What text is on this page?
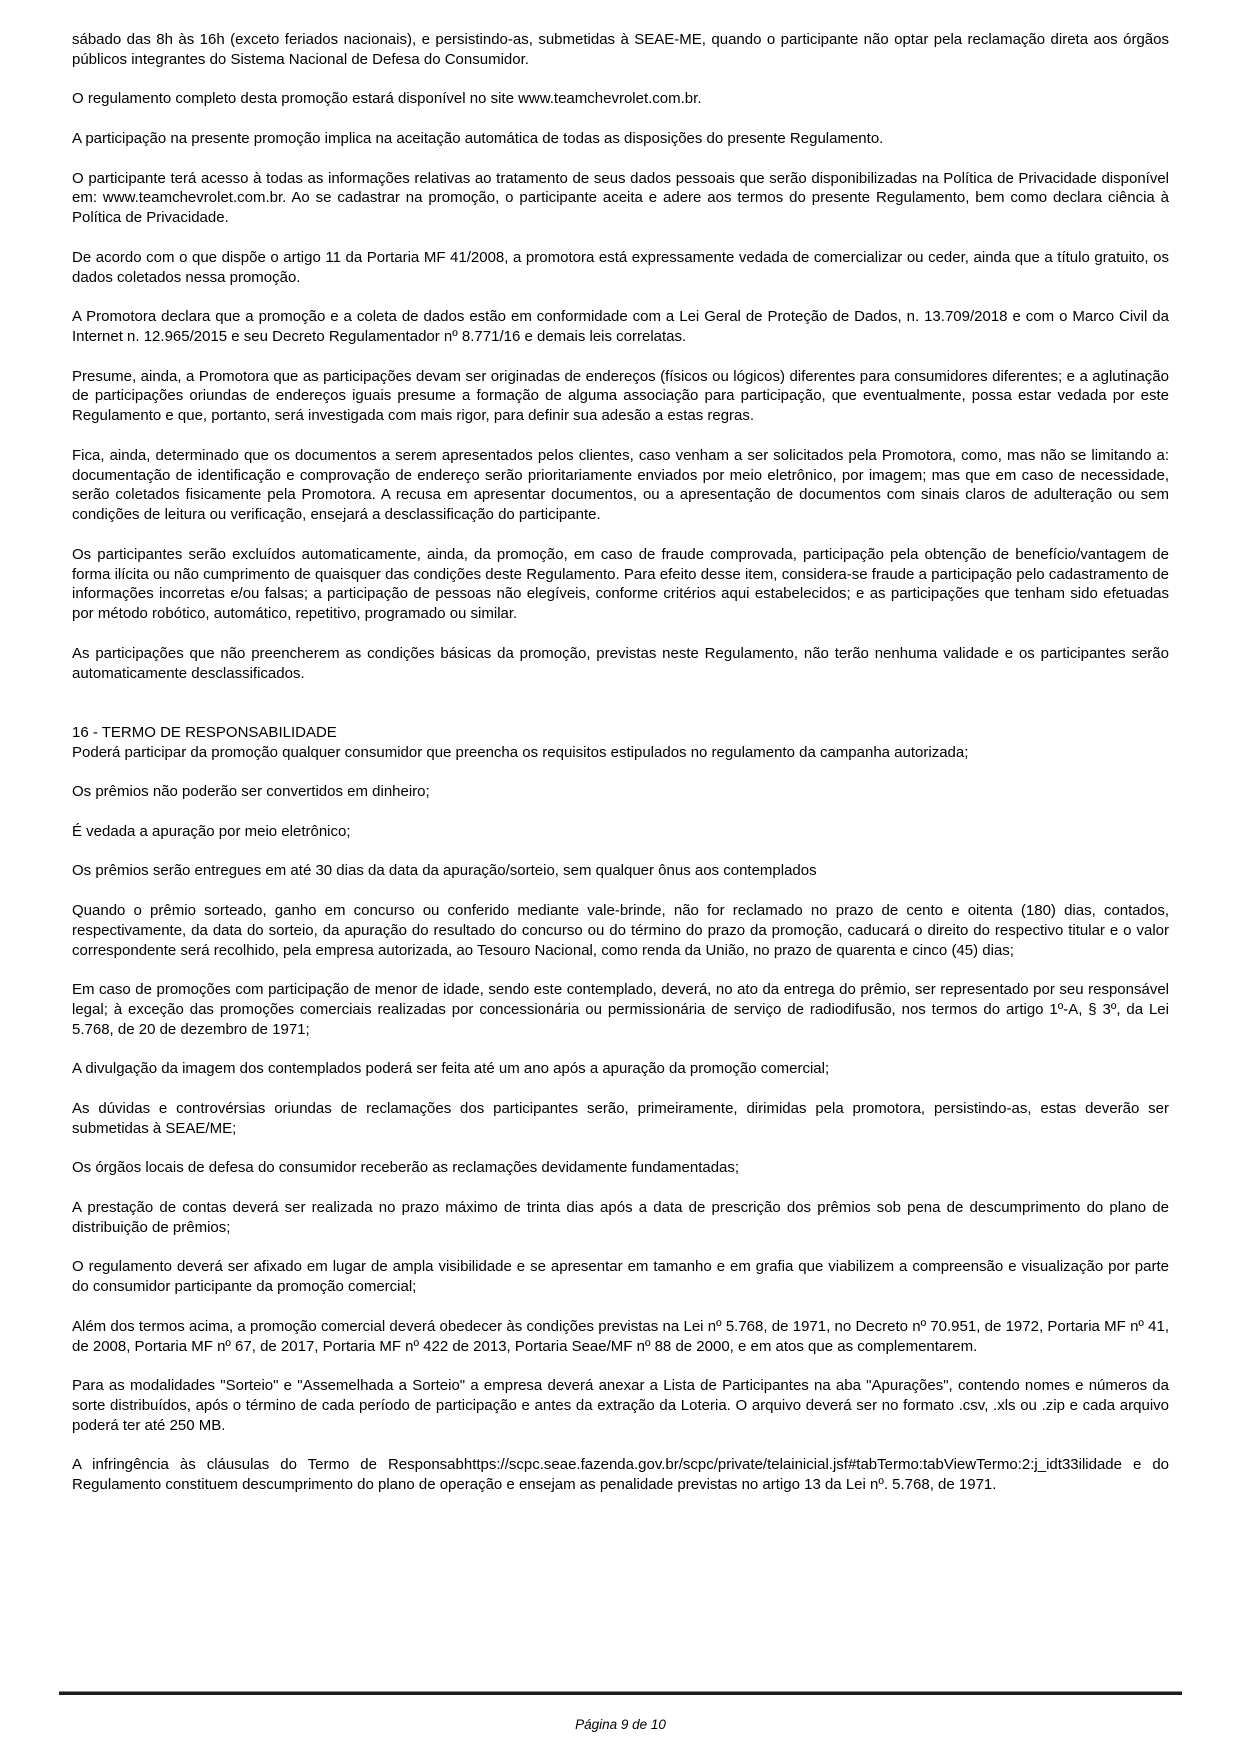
sábado das 8h às 16h (exceto feriados nacionais), e persistindo-as, submetidas à SEAE-ME, quando o participante não optar pela reclamação direta aos órgãos públicos integrantes do Sistema Nacional de Defesa do Consumidor.

O regulamento completo desta promoção estará disponível no site www.teamchevrolet.com.br.

A participação na presente promoção implica na aceitação automática de todas as disposições do presente Regulamento.

O participante terá acesso à todas as informações relativas ao tratamento de seus dados pessoais que serão disponibilizadas na Política de Privacidade disponível em: www.teamchevrolet.com.br. Ao se cadastrar na promoção, o participante aceita e adere aos termos do presente Regulamento, bem como declara ciência à Política de Privacidade.

De acordo com o que dispõe o artigo 11 da Portaria MF 41/2008, a promotora está expressamente vedada de comercializar ou ceder, ainda que a título gratuito, os dados coletados nessa promoção.

A Promotora declara que a promoção e a coleta de dados estão em conformidade com a Lei Geral de Proteção de Dados, n. 13.709/2018 e com o Marco Civil da Internet n. 12.965/2015 e seu Decreto Regulamentador nº 8.771/16 e demais leis correlatas.

Presume, ainda, a Promotora que as participações devam ser originadas de endereços (físicos ou lógicos) diferentes para consumidores diferentes; e a aglutinação de participações oriundas de endereços iguais presume a formação de alguma associação para participação, que eventualmente, possa estar vedada por este Regulamento e que, portanto, será investigada com mais rigor, para definir sua adesão a estas regras.

Fica, ainda, determinado que os documentos a serem apresentados pelos clientes, caso venham a ser solicitados pela Promotora, como, mas não se limitando a: documentação de identificação e comprovação de endereço serão prioritariamente enviados por meio eletrônico, por imagem; mas que em caso de necessidade, serão coletados fisicamente pela Promotora. A recusa em apresentar documentos, ou a apresentação de documentos com sinais claros de adulteração ou sem condições de leitura ou verificação, ensejará a desclassificação do participante.

Os participantes serão excluídos automaticamente, ainda, da promoção, em caso de fraude comprovada, participação pela obtenção de benefício/vantagem de forma ilícita ou não cumprimento de quaisquer das condições deste Regulamento. Para efeito desse item, considera-se fraude a participação pelo cadastramento de informações incorretas e/ou falsas; a participação de pessoas não elegíveis, conforme critérios aqui estabelecidos; e as participações que tenham sido efetuadas por método robótico, automático, repetitivo, programado ou similar.

As participações que não preencherem as condições básicas da promoção, previstas neste Regulamento, não terão nenhuma validade e os participantes serão automaticamente desclassificados.

16 - TERMO DE RESPONSABILIDADE

Poderá participar da promoção qualquer consumidor que preencha os requisitos estipulados no regulamento da campanha autorizada;

Os prêmios não poderão ser convertidos em dinheiro;

É vedada a apuração por meio eletrônico;

Os prêmios serão entregues em até 30 dias da data da apuração/sorteio, sem qualquer ônus aos contemplados

Quando o prêmio sorteado, ganho em concurso ou conferido mediante vale-brinde, não for reclamado no prazo de cento e oitenta (180) dias, contados, respectivamente, da data do sorteio, da apuração do resultado do concurso ou do término do prazo da promoção, caducará o direito do respectivo titular e o valor correspondente será recolhido, pela empresa autorizada, ao Tesouro Nacional, como renda da União, no prazo de quarenta e cinco (45) dias;

Em caso de promoções com participação de menor de idade, sendo este contemplado, deverá, no ato da entrega do prêmio, ser representado por seu responsável legal; à exceção das promoções comerciais realizadas por concessionária ou permissionária de serviço de radiodifusão, nos termos do artigo 1º-A, § 3º, da Lei 5.768, de 20 de dezembro de 1971;

A divulgação da imagem dos contemplados poderá ser feita até um ano após a apuração da promoção comercial;

As dúvidas e controvérsias oriundas de reclamações dos participantes serão, primeiramente, dirimidas pela promotora, persistindo-as, estas deverão ser submetidas à SEAE/ME;

Os órgãos locais de defesa do consumidor receberão as reclamações devidamente fundamentadas;

A prestação de contas deverá ser realizada no prazo máximo de trinta dias após a data de prescrição dos prêmios sob pena de descumprimento do plano de distribuição de prêmios;

O regulamento deverá ser afixado em lugar de ampla visibilidade e se apresentar em tamanho e em grafia que viabilizem a compreensão e visualização por parte do consumidor participante da promoção comercial;

Além dos termos acima, a promoção comercial deverá obedecer às condições previstas na Lei nº 5.768, de 1971, no Decreto nº 70.951, de 1972, Portaria MF nº 41, de 2008, Portaria MF nº 67, de 2017, Portaria MF nº 422 de 2013, Portaria Seae/MF nº 88 de 2000, e em atos que as complementarem.

Para as modalidades "Sorteio" e "Assemelhada a Sorteio" a empresa deverá anexar a Lista de Participantes na aba "Apurações", contendo nomes e números da sorte distribuídos, após o término de cada período de participação e antes da extração da Loteria. O arquivo deverá ser no formato .csv, .xls ou .zip e cada arquivo poderá ter até 250 MB.

A infringência às cláusulas do Termo de Responsabhttps://scpc.seae.fazenda.gov.br/scpc/private/telainicial.jsf#tabTermo:tabViewTermo:2:​j_idt33ilidade e do Regulamento constituem descumprimento do plano de operação e ensejam as penalidade previstas no artigo 13 da Lei nº. 5.768, de 1971.

Página 9 de 10
